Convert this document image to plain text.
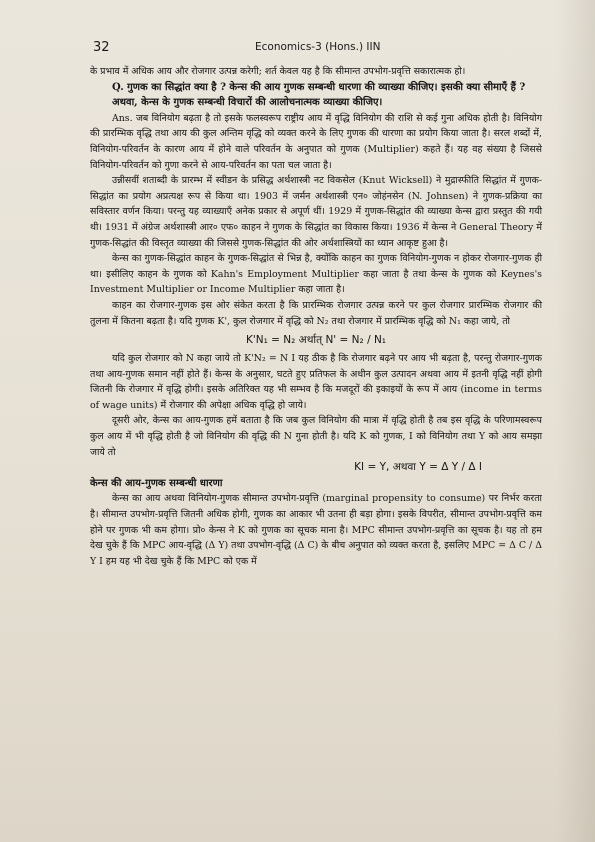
32	Economics-3 (Hons.) IIN

के प्रभाव में अधिक आय और रोजगार उत्पन्न करेगी; शर्त केवल यह है कि सीमान्त उपभोग-प्रवृत्ति सकारात्मक हो।

Q. गुणक का सिद्धांत क्या है ? केन्स की आय गुणक सम्बन्धी धारणा की व्याख्या कीजिए। इसकी क्या सीमाएँ हैं ?

अथवा, केन्स के गुणक सम्बन्धी विचारों की आलोचनात्मक व्याख्या कीजिए।

Ans. जब विनियोग बढ़ता है तो इसके फलस्वरूप राष्ट्रीय आय में वृद्धि विनियोग की राशि से कई गुना अधिक होती है। विनियोग की प्रारम्भिक वृद्धि तथा आय की कुल अन्तिम वृद्धि को व्यक्त करने के लिए गुणक की धारणा का प्रयोग किया जाता है। सरल शब्दों में, विनियोग-परिवर्तन के कारण आय में होने वाले परिवर्तन के अनुपात को गुणक (Multiplier) कहते हैं। यह वह संख्या है जिससे विनियोग-परिवर्तन को गुणा करने से आय-परिवर्तन का पता चल जाता है।

उन्नीसवीं शताब्दी के प्रारम्भ में स्वीडन के प्रसिद्ध अर्थशास्त्री नट विकसेल (Knut Wicksell) ने मुद्रास्फीति सिद्धांत में गुणक-सिद्धांत का प्रयोग अप्रत्यक्ष रूप से किया था। 1903 में जर्मन अर्थशास्त्री एन० जोहंनसेन (N. Johnsen) ने गुणक-प्रक्रिया का सविस्तार वर्णन किया। परन्तु यह व्याख्याएँ अनेक प्रकार से अपूर्ण थीं। 1929 में गुणक-सिद्धांत की व्याख्या केन्स द्वारा प्रस्तुत की गयी थी। 1931 में अंग्रेज अर्थशास्त्री आर० एफ० काहन ने गुणक के सिद्धांत का विकास किया। 1936 में केन्स ने General Theory में गुणक-सिद्धांत की विस्तृत व्याख्या की जिससे गुणक-सिद्धांत की ओर अर्थशास्त्रियों का ध्यान आकृष्ट हुआ है।

केन्स का गुणक-सिद्धांत काहन के गुणक-सिद्धांत से भिन्न है, क्योंकि काहन का गुणक विनियोग-गुणक न होकर रोजगार-गुणक ही था। इसीलिए काहन के गुणक को Kahn's Employment Multiplier कहा जाता है तथा केन्स के गुणक को Keynes's Investment Multiplier or Income Multiplier कहा जाता है।

काहन का रोजगार-गुणक इस ओर संकेत करता है कि प्रारम्भिक रोजगार उत्पन्न करने पर कुल रोजगार प्रारम्भिक रोजगार की तुलना में कितना बढ़ता है। यदि गुणक K', कुल रोजगार में वृद्धि को N₂ तथा रोजगार में प्रारम्भिक वृद्धि को N₁ कहा जाये, तो

K'N₁ = N₂ अर्थात् N' = N₂ / N₁

यदि कुल रोजगार को N कहा जाये तो K'N₂ = N I यह ठीक है कि रोजगार बढ़ने पर आय भी बढ़ता है, परन्तु रोजगार-गुणक तथा आय-गुणक समान नहीं होते हैं। केन्स के अनुसार, घटते हुए प्रतिफल के अधीन कुल उत्पादन अथवा आय में इतनी वृद्धि नहीं होगी जितनी कि रोजगार में वृद्धि होगी। इसके अतिरिक्त यह भी सम्भव है कि मजदूरों की इकाइयों के रूप में आय (income in terms of wage units) में रोजगार की अपेक्षा अधिक वृद्धि हो जाये।

दूसरी ओर, केन्स का आय-गुणक हमें बताता है कि जब कुल विनियोग की मात्रा में वृद्धि होती है तब इस वृद्धि के परिणामस्वरूप कुल आय में भी वृद्धि होती है जो विनियोग की वृद्धि की N गुना होती है। यदि K को गुणक, I को विनियोग तथा Y को आय समझा जाये तो

KI = Y, अथवा Y = Δ Y / Δ I

केन्स की आय-गुणक सम्बन्धी धारणा

केन्स का आय अथवा विनियोग-गुणक सीमान्त उपभोग-प्रवृत्ति (marginal propensity to consume) पर निर्भर करता है। सीमान्त उपभोग-प्रवृत्ति जितनी अधिक होगी, गुणक का आकार भी उतना ही बड़ा होगा। इसके विपरीत, सीमान्त उपभोग-प्रवृत्ति कम होने पर गुणक भी कम होगा। प्रो० केन्स ने K को गुणक का सूचक माना है। MPC सीमान्त उपभोग-प्रवृत्ति का सूचक है। यह तो हम देख चुके हैं कि MPC आय-वृद्धि (Δ Y) तथा उपभोग-वृद्धि (Δ C) के बीच अनुपात को व्यक्त करता है, इसलिए MPC = Δ C / Δ Y I हम यह भी देख चुके हैं कि MPC को एक में
